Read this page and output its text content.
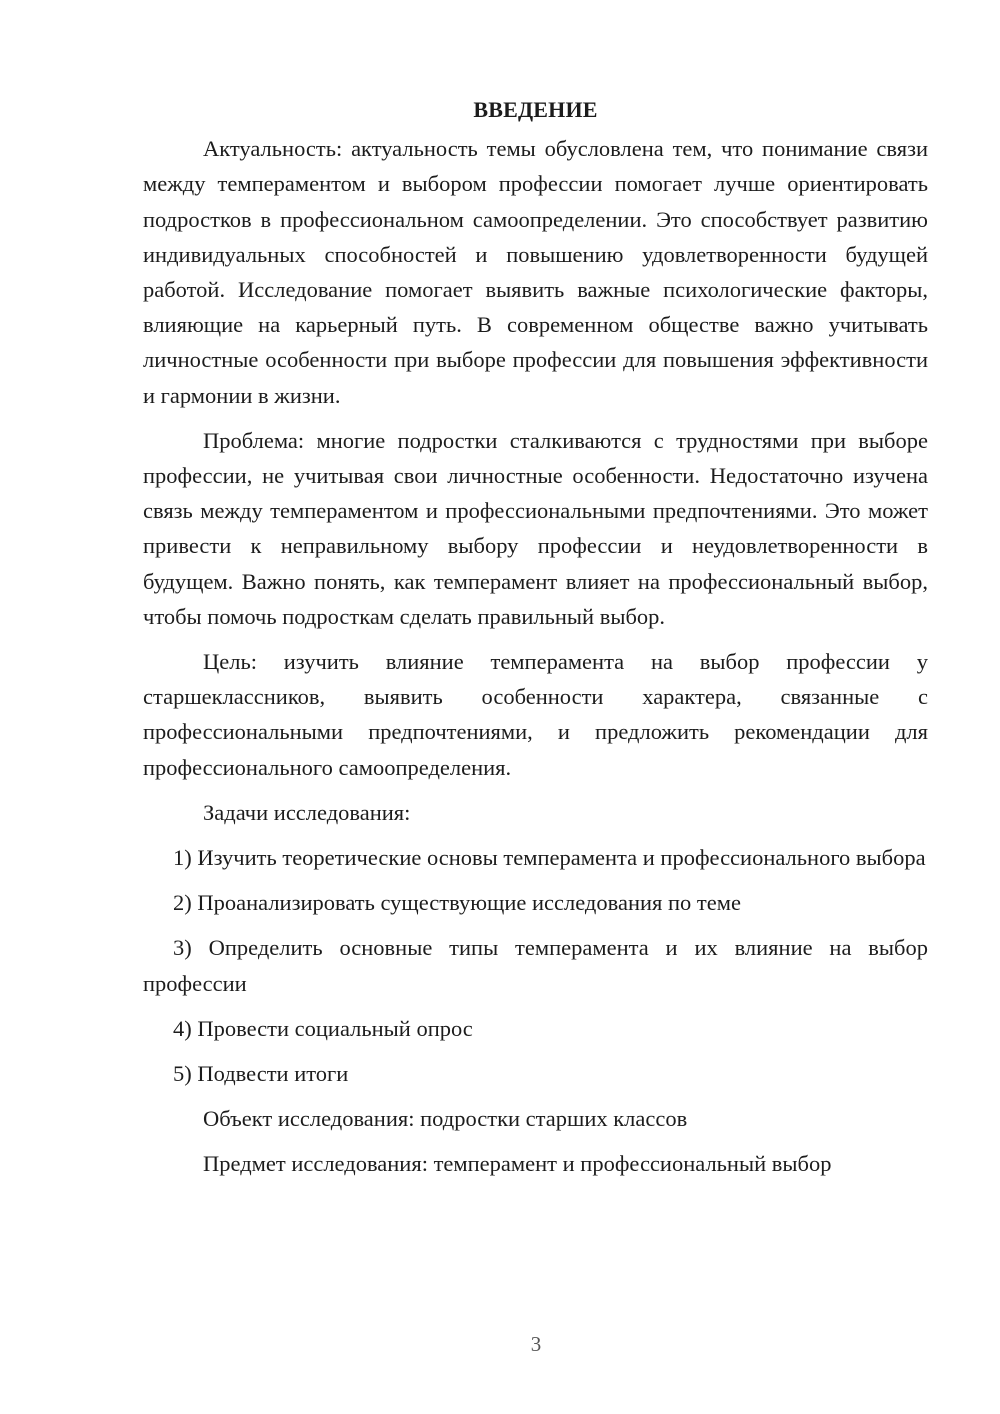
ВВЕДЕНИЕ

Актуальность: актуальность темы обусловлена тем, что понимание связи между темпераментом и выбором профессии помогает лучше ориентировать подростков в профессиональном самоопределении. Это способствует развитию индивидуальных способностей и повышению удовлетворенности будущей работой. Исследование помогает выявить важные психологические факторы, влияющие на карьерный путь. В современном обществе важно учитывать личностные особенности при выборе профессии для повышения эффективности и гармонии в жизни.

Проблема: многие подростки сталкиваются с трудностями при выборе профессии, не учитывая свои личностные особенности. Недостаточно изучена связь между темпераментом и профессиональными предпочтениями. Это может привести к неправильному выбору профессии и неудовлетворенности в будущем. Важно понять, как темперамент влияет на профессиональный выбор, чтобы помочь подросткам сделать правильный выбор.

Цель: изучить влияние темперамента на выбор профессии у старшеклассников, выявить особенности характера, связанные с профессиональными предпочтениями, и предложить рекомендации для профессионального самоопределения.

Задачи исследования:

1) Изучить теоретические основы темперамента и профессионального выбора

2) Проанализировать существующие исследования по теме

3) Определить основные типы темперамента и их влияние на выбор профессии

4) Провести социальный опрос

5) Подвести итоги

Объект исследования: подростки старших классов

Предмет исследования: темперамент и профессиональный выбор

3
